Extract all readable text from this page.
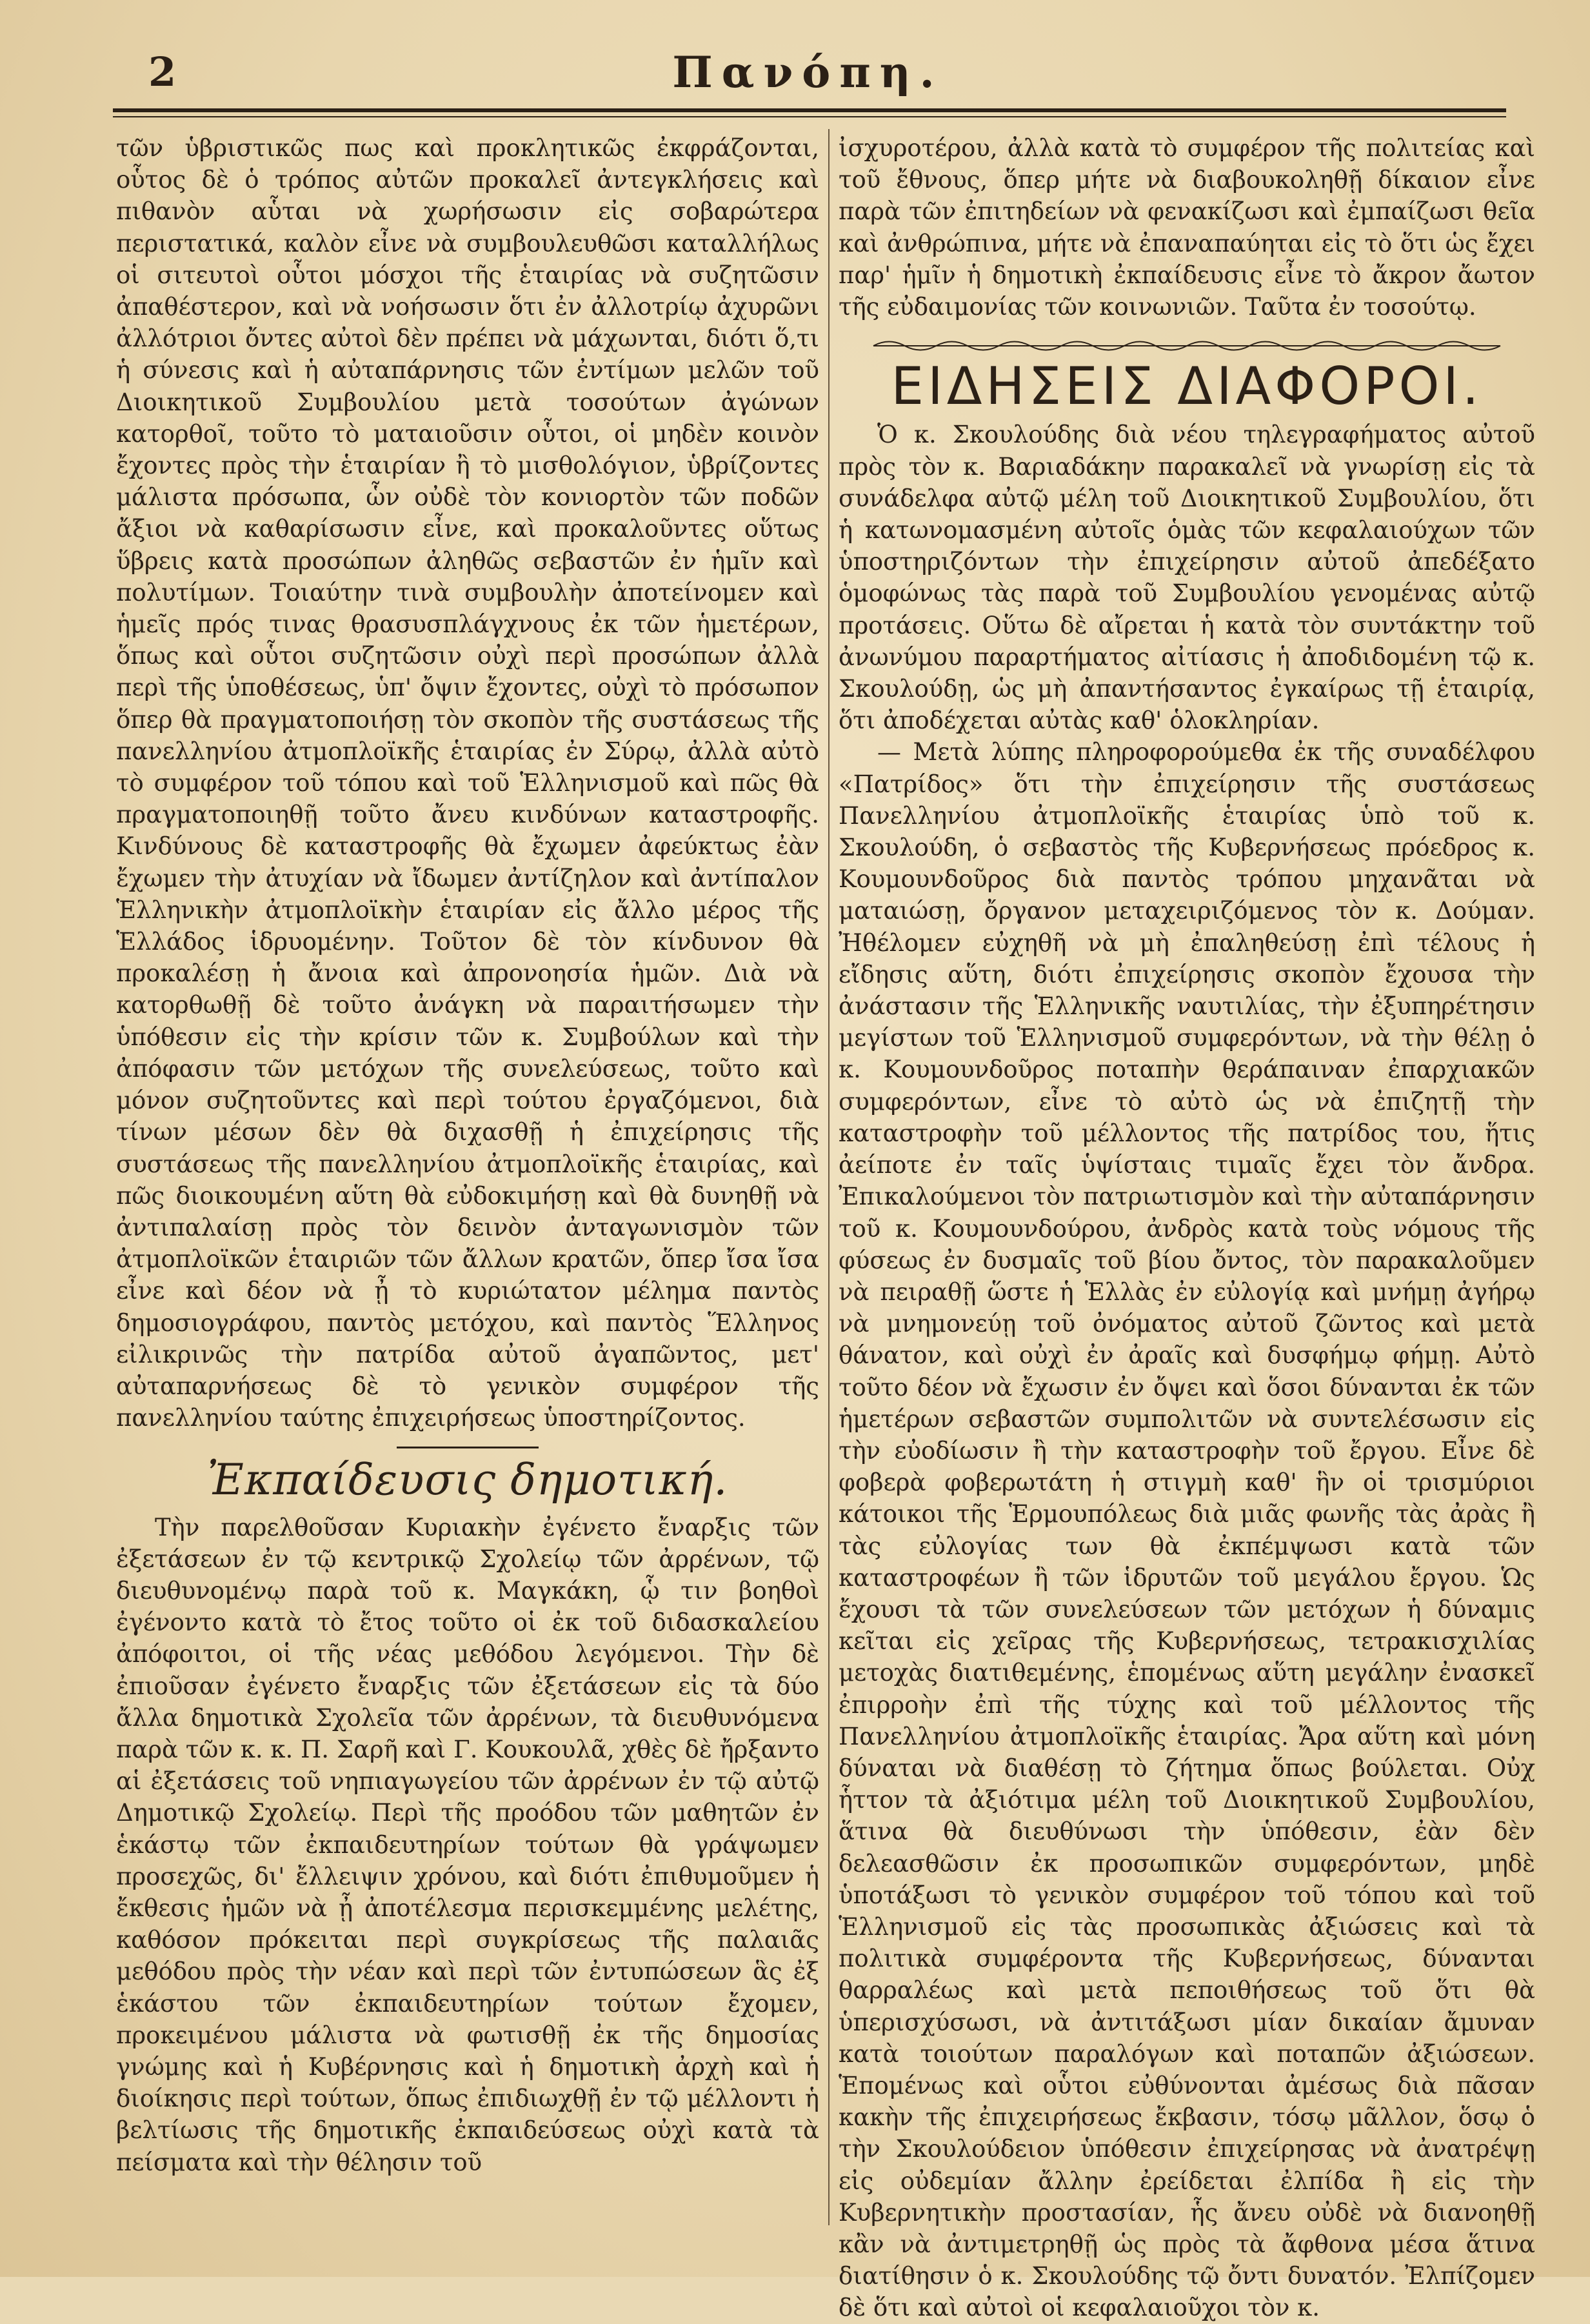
2	Πανόπη.

τῶν ὑβριστικῶς πως καὶ προκλητικῶς ἐκφράζονται, οὗτος δὲ ὁ τρόπος αὐτῶν προκαλεῖ ἀντεγκλήσεις καὶ πιθανὸν αὗται νὰ χωρήσωσιν εἰς σοβαρώτερα περιστατικά, καλὸν εἶνε νὰ συμβουλευθῶσι καταλλήλως οἱ σιτευτοὶ οὗτοι μόσχοι τῆς ἑταιρίας νὰ συζητῶσιν ἀπαθέστερον, καὶ νὰ νοήσωσιν ὅτι ἐν ἀλλοτρίῳ ἀχυρῶνι ἀλλότριοι ὄντες αὐτοὶ δὲν πρέπει νὰ μάχωνται, διότι ὅ,τι ἡ σύνεσις καὶ ἡ αὐταπάρνησις τῶν ἐντίμων μελῶν τοῦ Διοικητικοῦ Συμβουλίου μετὰ τοσούτων ἀγώνων κατορθοῖ, τοῦτο τὸ ματαιοῦσιν οὗτοι, οἱ μηδὲν κοινὸν ἔχοντες πρὸς τὴν ἑταιρίαν ἢ τὸ μισθολόγιον, ὑβρίζοντες μάλιστα πρόσωπα, ὧν οὐδὲ τὸν κονιορτὸν τῶν ποδῶν ἄξιοι νὰ καθαρίσωσιν εἶνε, καὶ προκαλοῦντες οὕτως ὕβρεις κατὰ προσώπων ἀληθῶς σεβαστῶν ἐν ἡμῖν καὶ πολυτίμων. Τοιαύτην τινὰ συμβουλὴν ἀποτείνομεν καὶ ἡμεῖς πρός τινας θρασυσπλάγχνους ἐκ τῶν ἡμετέρων, ὅπως καὶ οὗτοι συζητῶσιν οὐχὶ περὶ προσώπων ἀλλὰ περὶ τῆς ὑποθέσεως, ὑπ' ὄψιν ἔχοντες, οὐχὶ τὸ πρόσωπον ὅπερ θὰ πραγματοποιήσῃ τὸν σκοπὸν τῆς συστάσεως τῆς πανελληνίου ἀτμοπλοϊκῆς ἑταιρίας ἐν Σύρῳ, ἀλλὰ αὐτὸ τὸ συμφέρον τοῦ τόπου καὶ τοῦ Ἑλληνισμοῦ καὶ πῶς θὰ πραγματοποιηθῇ τοῦτο ἄνευ κινδύνων καταστροφῆς. Κινδύνους δὲ καταστροφῆς θὰ ἔχωμεν ἀφεύκτως ἐὰν ἔχωμεν τὴν ἀτυχίαν νὰ ἴδωμεν ἀντίζηλον καὶ ἀντίπαλον Ἑλληνικὴν ἀτμοπλοϊκὴν ἑταιρίαν εἰς ἄλλο μέρος τῆς Ἑλλάδος ἱδρυομένην. Τοῦτον δὲ τὸν κίνδυνον θὰ προκαλέσῃ ἡ ἄνοια καὶ ἀπρονοησία ἡμῶν. Διὰ νὰ κατορθωθῇ δὲ τοῦτο ἀνάγκη νὰ παραιτήσωμεν τὴν ὑπόθεσιν εἰς τὴν κρίσιν τῶν κ. Συμβούλων καὶ τὴν ἀπόφασιν τῶν μετόχων τῆς συνελεύσεως, τοῦτο καὶ μόνον συζητοῦντες καὶ περὶ τούτου ἐργαζόμενοι, διὰ τίνων μέσων δὲν θὰ διχασθῇ ἡ ἐπιχείρησις τῆς συστάσεως τῆς πανελληνίου ἀτμοπλοϊκῆς ἑταιρίας, καὶ πῶς διοικουμένη αὕτη θὰ εὐδοκιμήσῃ καὶ θὰ δυνηθῇ νὰ ἀντιπαλαίσῃ πρὸς τὸν δεινὸν ἀνταγωνισμὸν τῶν ἀτμοπλοϊκῶν ἑταιριῶν τῶν ἄλλων κρατῶν, ὅπερ ἴσα ἴσα εἶνε καὶ δέον νὰ ᾖ τὸ κυριώτατον μέλημα παντὸς δημοσιογράφου, παντὸς μετόχου, καὶ παντὸς Ἕλληνος εἰλικρινῶς τὴν πατρίδα αὐτοῦ ἀγαπῶντος, μετ' αὐταπαρνήσεως δὲ τὸ γενικὸν συμφέρον τῆς πανελληνίου ταύτης ἐπιχειρήσεως ὑποστηρίζοντος.

Ἐκπαίδευσις δημοτική.

Τὴν παρελθοῦσαν Κυριακὴν ἐγένετο ἔναρξις τῶν ἐξετάσεων ἐν τῷ κεντρικῷ Σχολείῳ τῶν ἀρρένων, τῷ διευθυνομένῳ παρὰ τοῦ κ. Μαγκάκη, ᾧ τιν βοηθοὶ ἐγένοντο κατὰ τὸ ἔτος τοῦτο οἱ ἐκ τοῦ διδασκαλείου ἀπόφοιτοι, οἱ τῆς νέας μεθόδου λεγόμενοι. Τὴν δὲ ἐπιοῦσαν ἐγένετο ἔναρξις τῶν ἐξετάσεων εἰς τὰ δύο ἄλλα δημοτικὰ Σχολεῖα τῶν ἀρρένων, τὰ διευθυνόμενα παρὰ τῶν κ. κ. Π. Σαρῆ καὶ Γ. Κουκουλᾶ, χθὲς δὲ ἤρξαντο αἱ ἐξετάσεις τοῦ νηπιαγωγείου τῶν ἀρρένων ἐν τῷ αὐτῷ Δημοτικῷ Σχολείῳ. Περὶ τῆς προόδου τῶν μαθητῶν ἐν ἑκάστῳ τῶν ἐκπαιδευτηρίων τούτων θὰ γράψωμεν προσεχῶς, δι' ἔλλειψιν χρόνου, καὶ διότι ἐπιθυμοῦμεν ἡ ἔκθεσις ἡμῶν νὰ ᾖ ἀποτέλεσμα περισκεμμένης μελέτης, καθόσον πρόκειται περὶ συγκρίσεως τῆς παλαιᾶς μεθόδου πρὸς τὴν νέαν καὶ περὶ τῶν ἐντυπώσεων ἃς ἐξ ἑκάστου τῶν ἐκπαιδευτηρίων τούτων ἔχομεν, προκειμένου μάλιστα νὰ φωτισθῇ ἐκ τῆς δημοσίας γνώμης καὶ ἡ Κυβέρνησις καὶ ἡ δημοτικὴ ἀρχὴ καὶ ἡ διοίκησις περὶ τούτων, ὅπως ἐπιδιωχθῇ ἐν τῷ μέλλοντι ἡ βελτίωσις τῆς δημοτικῆς ἐκπαιδεύσεως οὐχὶ κατὰ τὰ πείσματα καὶ τὴν θέλησιν τοῦ

ἰσχυροτέρου, ἀλλὰ κατὰ τὸ συμφέρον τῆς πολιτείας καὶ τοῦ ἔθνους, ὅπερ μήτε νὰ διαβουκοληθῇ δίκαιον εἶνε παρὰ τῶν ἐπιτηδείων νὰ φενακίζωσι καὶ ἐμπαίζωσι θεῖα καὶ ἀνθρώπινα, μήτε νὰ ἐπαναπαύηται εἰς τὸ ὅτι ὡς ἔχει παρ' ἡμῖν ἡ δημοτικὴ ἐκπαίδευσις εἶνε τὸ ἄκρον ἄωτον τῆς εὐδαιμονίας τῶν κοινωνιῶν. Ταῦτα ἐν τοσούτῳ.

ΕΙΔΗΣΕΙΣ ΔΙΑΦΟΡΟΙ.

Ὁ κ. Σκουλούδης διὰ νέου τηλεγραφήματος αὐτοῦ πρὸς τὸν κ. Βαριαδάκην παρακαλεῖ νὰ γνωρίσῃ εἰς τὰ συνάδελφα αὐτῷ μέλη τοῦ Διοικητικοῦ Συμβουλίου, ὅτι ἡ κατωνομασμένη αὐτοῖς ὁμὰς τῶν κεφαλαιούχων τῶν ὑποστηριζόντων τὴν ἐπιχείρησιν αὐτοῦ ἀπεδέξατο ὁμοφώνως τὰς παρὰ τοῦ Συμβουλίου γενομένας αὐτῷ προτάσεις. Οὕτω δὲ αἴρεται ἡ κατὰ τὸν συντάκτην τοῦ ἀνωνύμου παραρτήματος αἰτίασις ἡ ἀποδιδομένη τῷ κ. Σκουλούδῃ, ὡς μὴ ἀπαντήσαντος ἐγκαίρως τῇ ἑταιρίᾳ, ὅτι ἀποδέχεται αὐτὰς καθ' ὁλοκληρίαν.

— Μετὰ λύπης πληροφορούμεθα ἐκ τῆς συναδέλφου «Πατρίδος» ὅτι τὴν ἐπιχείρησιν τῆς συστάσεως Πανελληνίου ἀτμοπλοϊκῆς ἑταιρίας ὑπὸ τοῦ κ. Σκουλούδη, ὁ σεβαστὸς τῆς Κυβερνήσεως πρόεδρος κ. Κουμουνδοῦρος διὰ παντὸς τρόπου μηχανᾶται νὰ ματαιώσῃ, ὄργανον μεταχειριζόμενος τὸν κ. Δούμαν. Ἠθέλομεν εὐχηθῆ νὰ μὴ ἐπαληθεύσῃ ἐπὶ τέλους ἡ εἴδησις αὕτη, διότι ἐπιχείρησις σκοπὸν ἔχουσα τὴν ἀνάστασιν τῆς Ἑλληνικῆς ναυτιλίας, τὴν ἐξυπηρέτησιν μεγίστων τοῦ Ἑλληνισμοῦ συμφερόντων, νὰ τὴν θέλῃ ὁ κ. Κουμουνδοῦρος ποταπὴν θεράπαιναν ἐπαρχιακῶν συμφερόντων, εἶνε τὸ αὐτὸ ὡς νὰ ἐπιζητῇ τὴν καταστροφὴν τοῦ μέλλοντος τῆς πατρίδος του, ἥτις ἀείποτε ἐν ταῖς ὑψίσταις τιμαῖς ἔχει τὸν ἄνδρα. Ἐπικαλούμενοι τὸν πατριωτισμὸν καὶ τὴν αὐταπάρνησιν τοῦ κ. Κουμουνδούρου, ἀνδρὸς κατὰ τοὺς νόμους τῆς φύσεως ἐν δυσμαῖς τοῦ βίου ὄντος, τὸν παρακαλοῦμεν νὰ πειραθῇ ὥστε ἡ Ἑλλὰς ἐν εὐλογίᾳ καὶ μνήμῃ ἀγήρῳ νὰ μνημονεύῃ τοῦ ὀνόματος αὐτοῦ ζῶντος καὶ μετὰ θάνατον, καὶ οὐχὶ ἐν ἀραῖς καὶ δυσφήμῳ φήμῃ. Αὐτὸ τοῦτο δέον νὰ ἔχωσιν ἐν ὄψει καὶ ὅσοι δύνανται ἐκ τῶν ἡμετέρων σεβαστῶν συμπολιτῶν νὰ συντελέσωσιν εἰς τὴν εὐοδίωσιν ἢ τὴν καταστροφὴν τοῦ ἔργου. Εἶνε δὲ φοβερὰ φοβερωτάτη ἡ στιγμὴ καθ' ἣν οἱ τρισμύριοι κάτοικοι τῆς Ἑρμουπόλεως διὰ μιᾶς φωνῆς τὰς ἀρὰς ἢ τὰς εὐλογίας των θὰ ἐκπέμψωσι κατὰ τῶν καταστροφέων ἢ τῶν ἱδρυτῶν τοῦ μεγάλου ἔργου. Ὡς ἔχουσι τὰ τῶν συνελεύσεων τῶν μετόχων ἡ δύναμις κεῖται εἰς χεῖρας τῆς Κυβερνήσεως, τετρακισχιλίας μετοχὰς διατιθεμένης, ἑπομένως αὕτη μεγάλην ἐνασκεῖ ἐπιρροὴν ἐπὶ τῆς τύχης καὶ τοῦ μέλλοντος τῆς Πανελληνίου ἀτμοπλοϊκῆς ἑταιρίας. Ἄρα αὕτη καὶ μόνη δύναται νὰ διαθέσῃ τὸ ζήτημα ὅπως βούλεται. Οὐχ ἧττον τὰ ἀξιότιμα μέλη τοῦ Διοικητικοῦ Συμβουλίου, ἅτινα θὰ διευθύνωσι τὴν ὑπόθεσιν, ἐὰν δὲν δελεασθῶσιν ἐκ προσωπικῶν συμφερόντων, μηδὲ ὑποτάξωσι τὸ γενικὸν συμφέρον τοῦ τόπου καὶ τοῦ Ἑλληνισμοῦ εἰς τὰς προσωπικὰς ἀξιώσεις καὶ τὰ πολιτικὰ συμφέροντα τῆς Κυβερνήσεως, δύνανται θαρραλέως καὶ μετὰ πεποιθήσεως τοῦ ὅτι θὰ ὑπερισχύσωσι, νὰ ἀντιτάξωσι μίαν δικαίαν ἄμυναν κατὰ τοιούτων παραλόγων καὶ ποταπῶν ἀξιώσεων. Ἑπομένως καὶ οὗτοι εὐθύνονται ἀμέσως διὰ πᾶσαν κακὴν τῆς ἐπιχειρήσεως ἔκβασιν, τόσῳ μᾶλλον, ὅσῳ ὁ τὴν Σκουλούδειον ὑπόθεσιν ἐπιχείρησας νὰ ἀνατρέψῃ εἰς οὐδεμίαν ἄλλην ἐρείδεται ἐλπίδα ἢ εἰς τὴν Κυβερνητικὴν προστασίαν, ἧς ἄνευ οὐδὲ νὰ διανοηθῇ κἂν νὰ ἀντιμετρηθῇ ὡς πρὸς τὰ ἄφθονα μέσα ἅτινα διατίθησιν ὁ κ. Σκουλούδης τῷ ὄντι δυνατόν. Ἐλπίζομεν δὲ ὅτι καὶ αὐτοὶ οἱ κεφαλαιοῦχοι τὸν κ.
